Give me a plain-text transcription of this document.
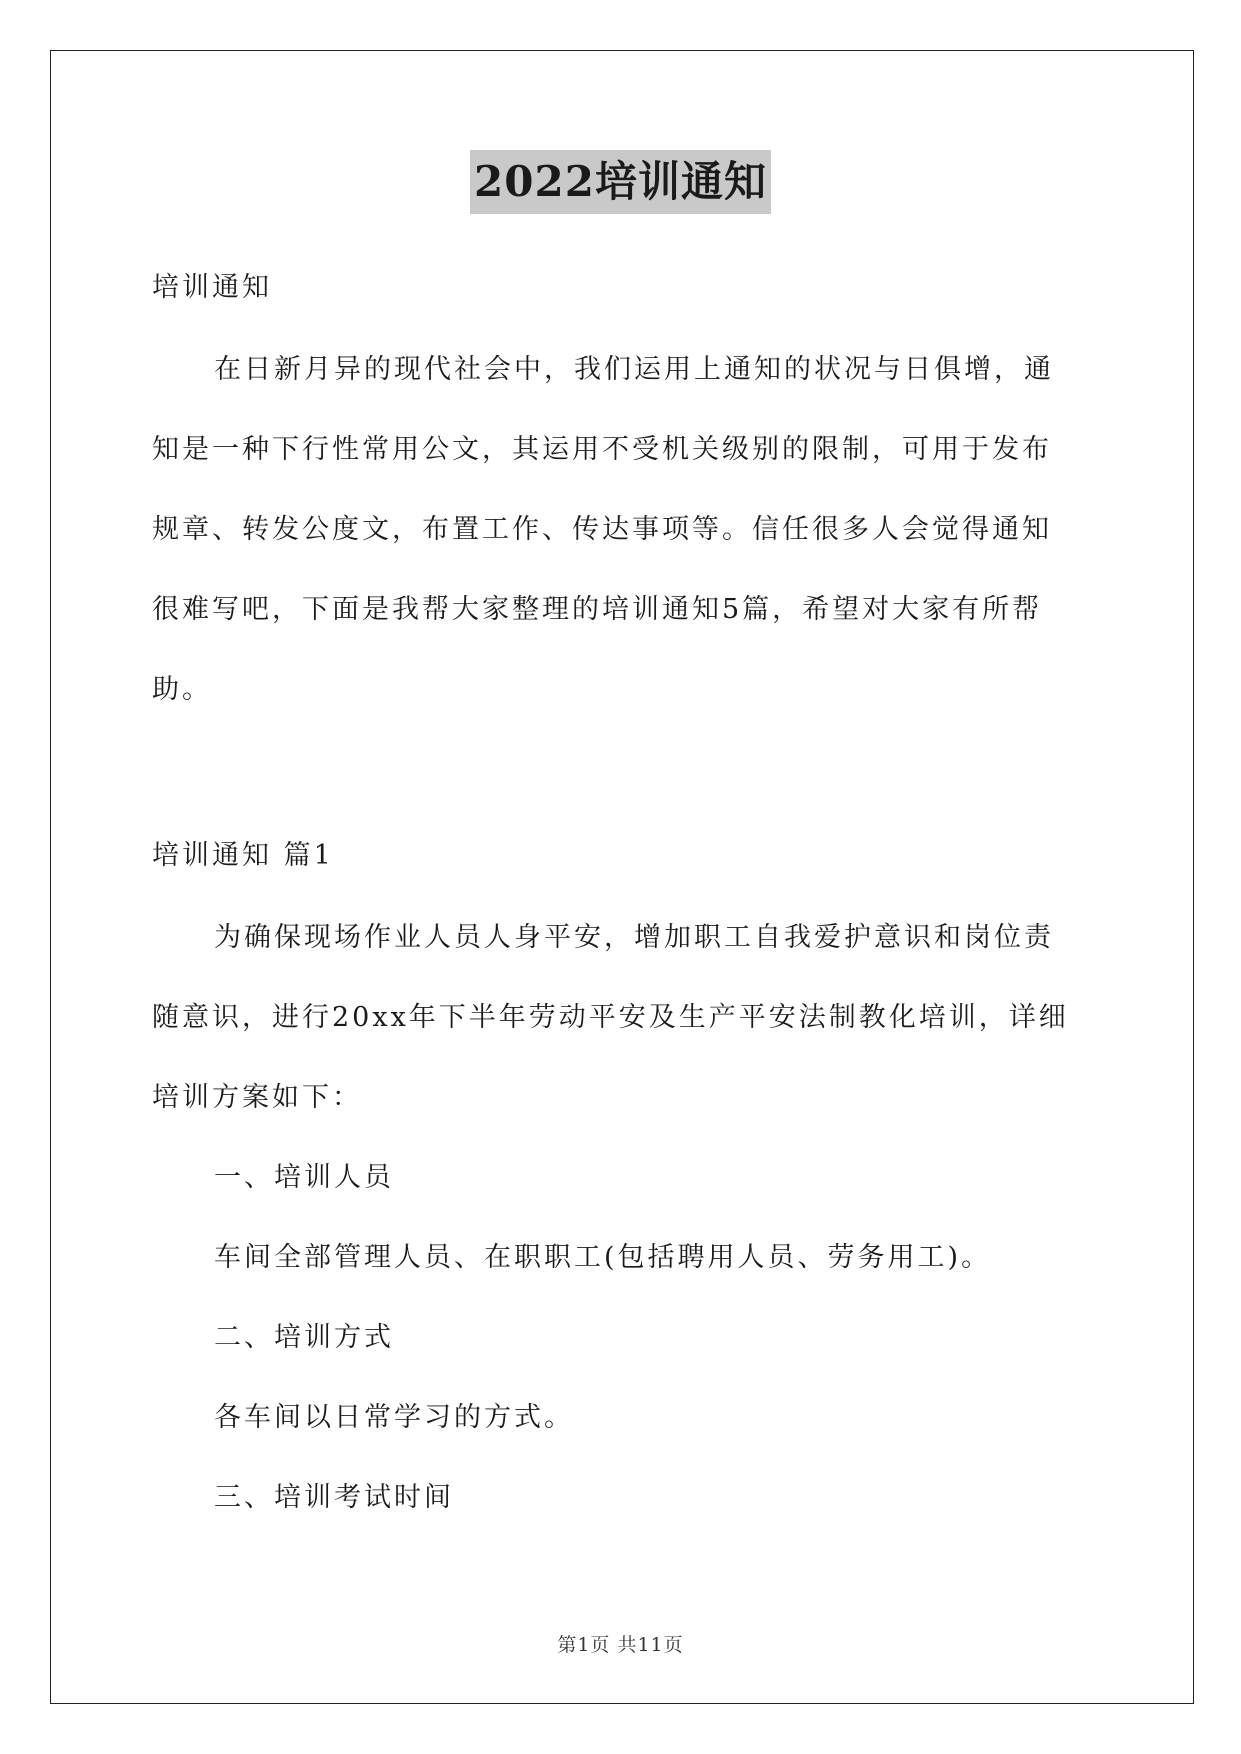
2022培训通知
培训通知
在日新月异的现代社会中，我们运用上通知的状况与日俱增，通
知是一种下行性常用公文，其运用不受机关级别的限制，可用于发布
规章、转发公度文，布置工作、传达事项等。信任很多人会觉得通知
很难写吧，下面是我帮大家整理的培训通知5篇，希望对大家有所帮
助。
培训通知 篇1
为确保现场作业人员人身平安，增加职工自我爱护意识和岗位责
随意识，进行20xx年下半年劳动平安及生产平安法制教化培训，详细
培训方案如下：
一、培训人员
车间全部管理人员、在职职工(包括聘用人员、劳务用工)。
二、培训方式
各车间以日常学习的方式。
三、培训考试时间
第1页 共11页
